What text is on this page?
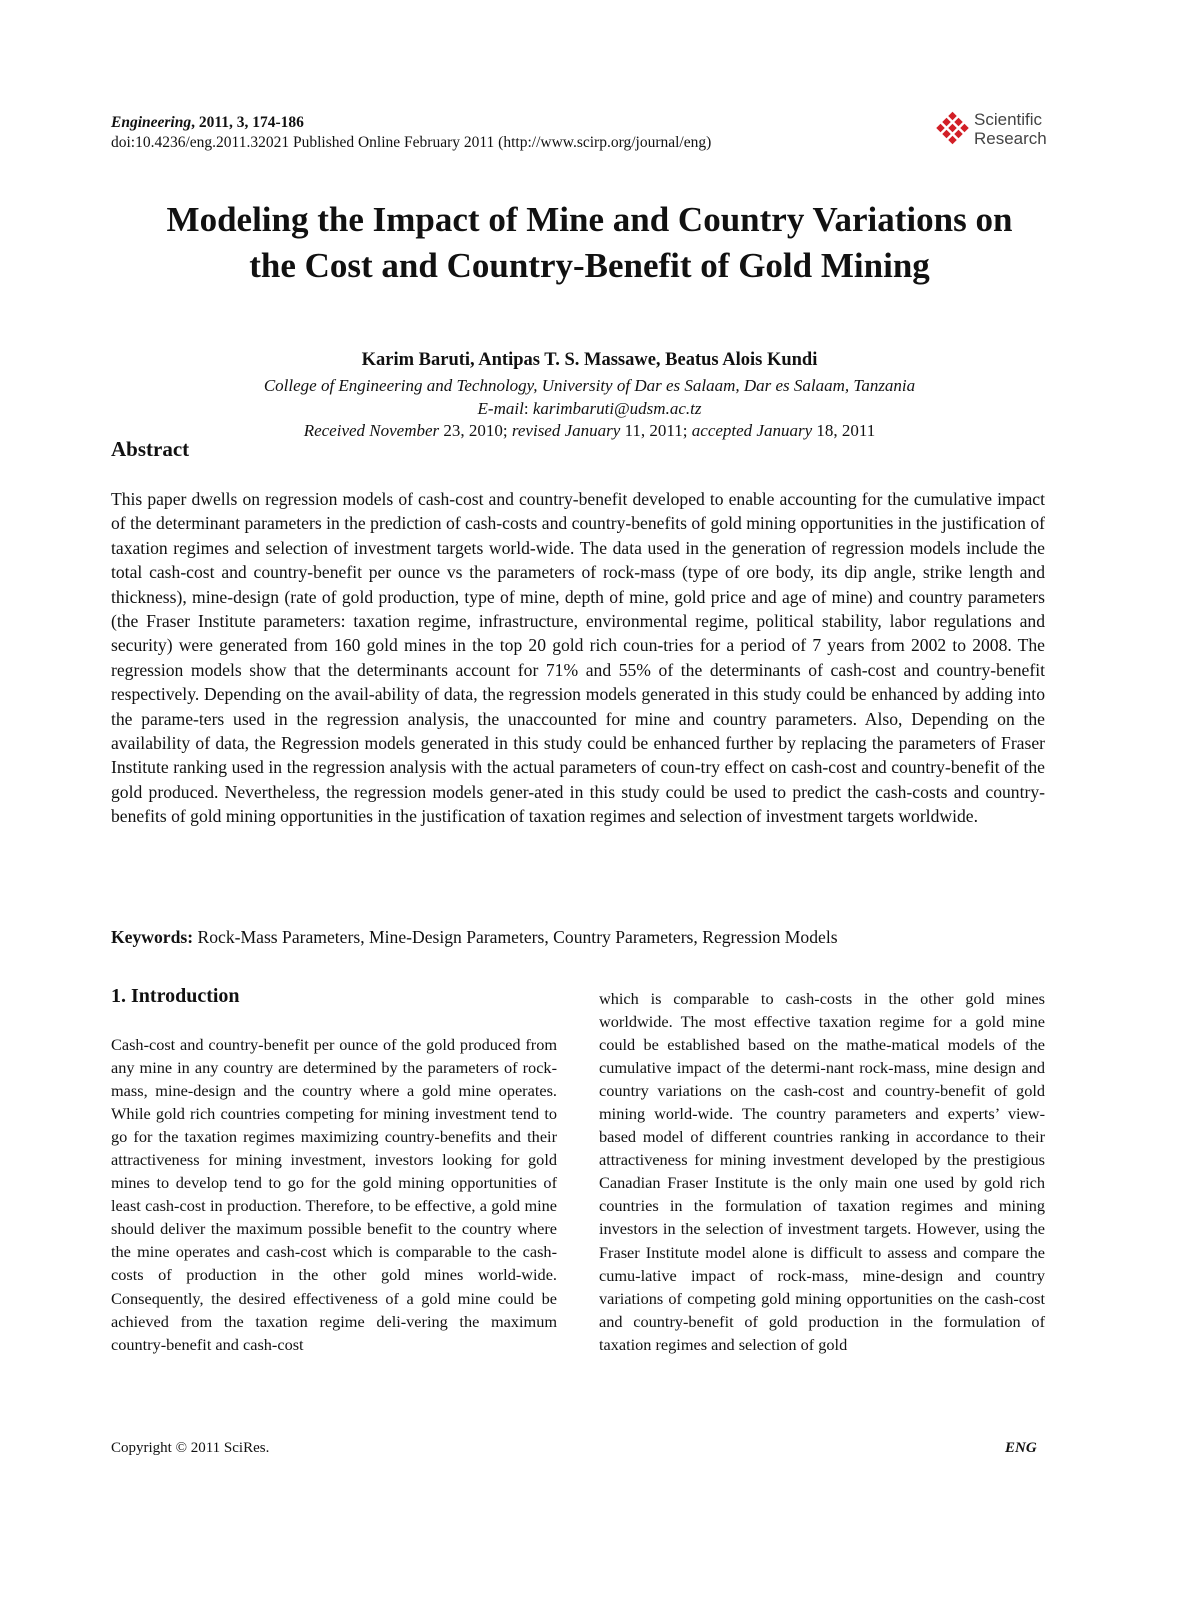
Engineering, 2011, 3, 174-186
doi:10.4236/eng.2011.32021 Published Online February 2011 (http://www.scirp.org/journal/eng)
Scientific
Research
Modeling the Impact of Mine and Country Variations on
the Cost and Country-Benefit of Gold Mining
Karim Baruti, Antipas T. S. Massawe, Beatus Alois Kundi
College of Engineering and Technology, University of Dar es Salaam, Dar es Salaam, Tanzania
E-mail: karimbaruti@udsm.ac.tz
Received November 23, 2010; revised January 11, 2011; accepted January 18, 2011
Abstract

This paper dwells on regression models of cash-cost and country-benefit developed to enable accounting for the cumulative impact of the determinant parameters in the prediction of cash-costs and country-benefits of gold mining opportunities in the justification of taxation regimes and selection of investment targets world-wide. The data used in the generation of regression models include the total cash-cost and country-benefit per ounce vs the parameters of rock-mass (type of ore body, its dip angle, strike length and thickness), mine-design (rate of gold production, type of mine, depth of mine, gold price and age of mine) and country parameters (the Fraser Institute parameters: taxation regime, infrastructure, environmental regime, political stability, labor regulations and security) were generated from 160 gold mines in the top 20 gold rich coun-tries for a period of 7 years from 2002 to 2008. The regression models show that the determinants account for 71% and 55% of the determinants of cash-cost and country-benefit respectively. Depending on the avail-ability of data, the regression models generated in this study could be enhanced by adding into the parame-ters used in the regression analysis, the unaccounted for mine and country parameters. Also, Depending on the availability of data, the Regression models generated in this study could be enhanced further by replacing the parameters of Fraser Institute ranking used in the regression analysis with the actual parameters of coun-try effect on cash-cost and country-benefit of the gold produced. Nevertheless, the regression models gener-ated in this study could be used to predict the cash-costs and country-benefits of gold mining opportunities in the justification of taxation regimes and selection of investment targets worldwide.

Keywords: Rock-Mass Parameters, Mine-Design Parameters, Country Parameters, Regression Models
1. Introduction

Cash-cost and country-benefit per ounce of the gold produced from any mine in any country are determined by the parameters of rock-mass, mine-design and the country where a gold mine operates. While gold rich countries competing for mining investment tend to go for the taxation regimes maximizing country-benefits and their attractiveness for mining investment, investors looking for gold mines to develop tend to go for the gold mining opportunities of least cash-cost in production. Therefore, to be effective, a gold mine should deliver the maximum possible benefit to the country where the mine operates and cash-cost which is comparable to the cash-costs of production in the other gold mines world-wide. Consequently, the desired effectiveness of a gold mine could be achieved from the taxation regime deli-vering the maximum country-benefit and cash-cost

which is comparable to cash-costs in the other gold mines worldwide. The most effective taxation regime for a gold mine could be established based on the mathe-matical models of the cumulative impact of the determi-nant rock-mass, mine design and country variations on the cash-cost and country-benefit of gold mining world-wide. The country parameters and experts’ view-based model of different countries ranking in accordance to their attractiveness for mining investment developed by the prestigious Canadian Fraser Institute is the only main one used by gold rich countries in the formulation of taxation regimes and mining investors in the selection of investment targets. However, using the Fraser Institute model alone is difficult to assess and compare the cumu-lative impact of rock-mass, mine-design and country variations of competing gold mining opportunities on the cash-cost and country-benefit of gold production in the formulation of taxation regimes and selection of gold

Copyright © 2011 SciRes.	ENG
